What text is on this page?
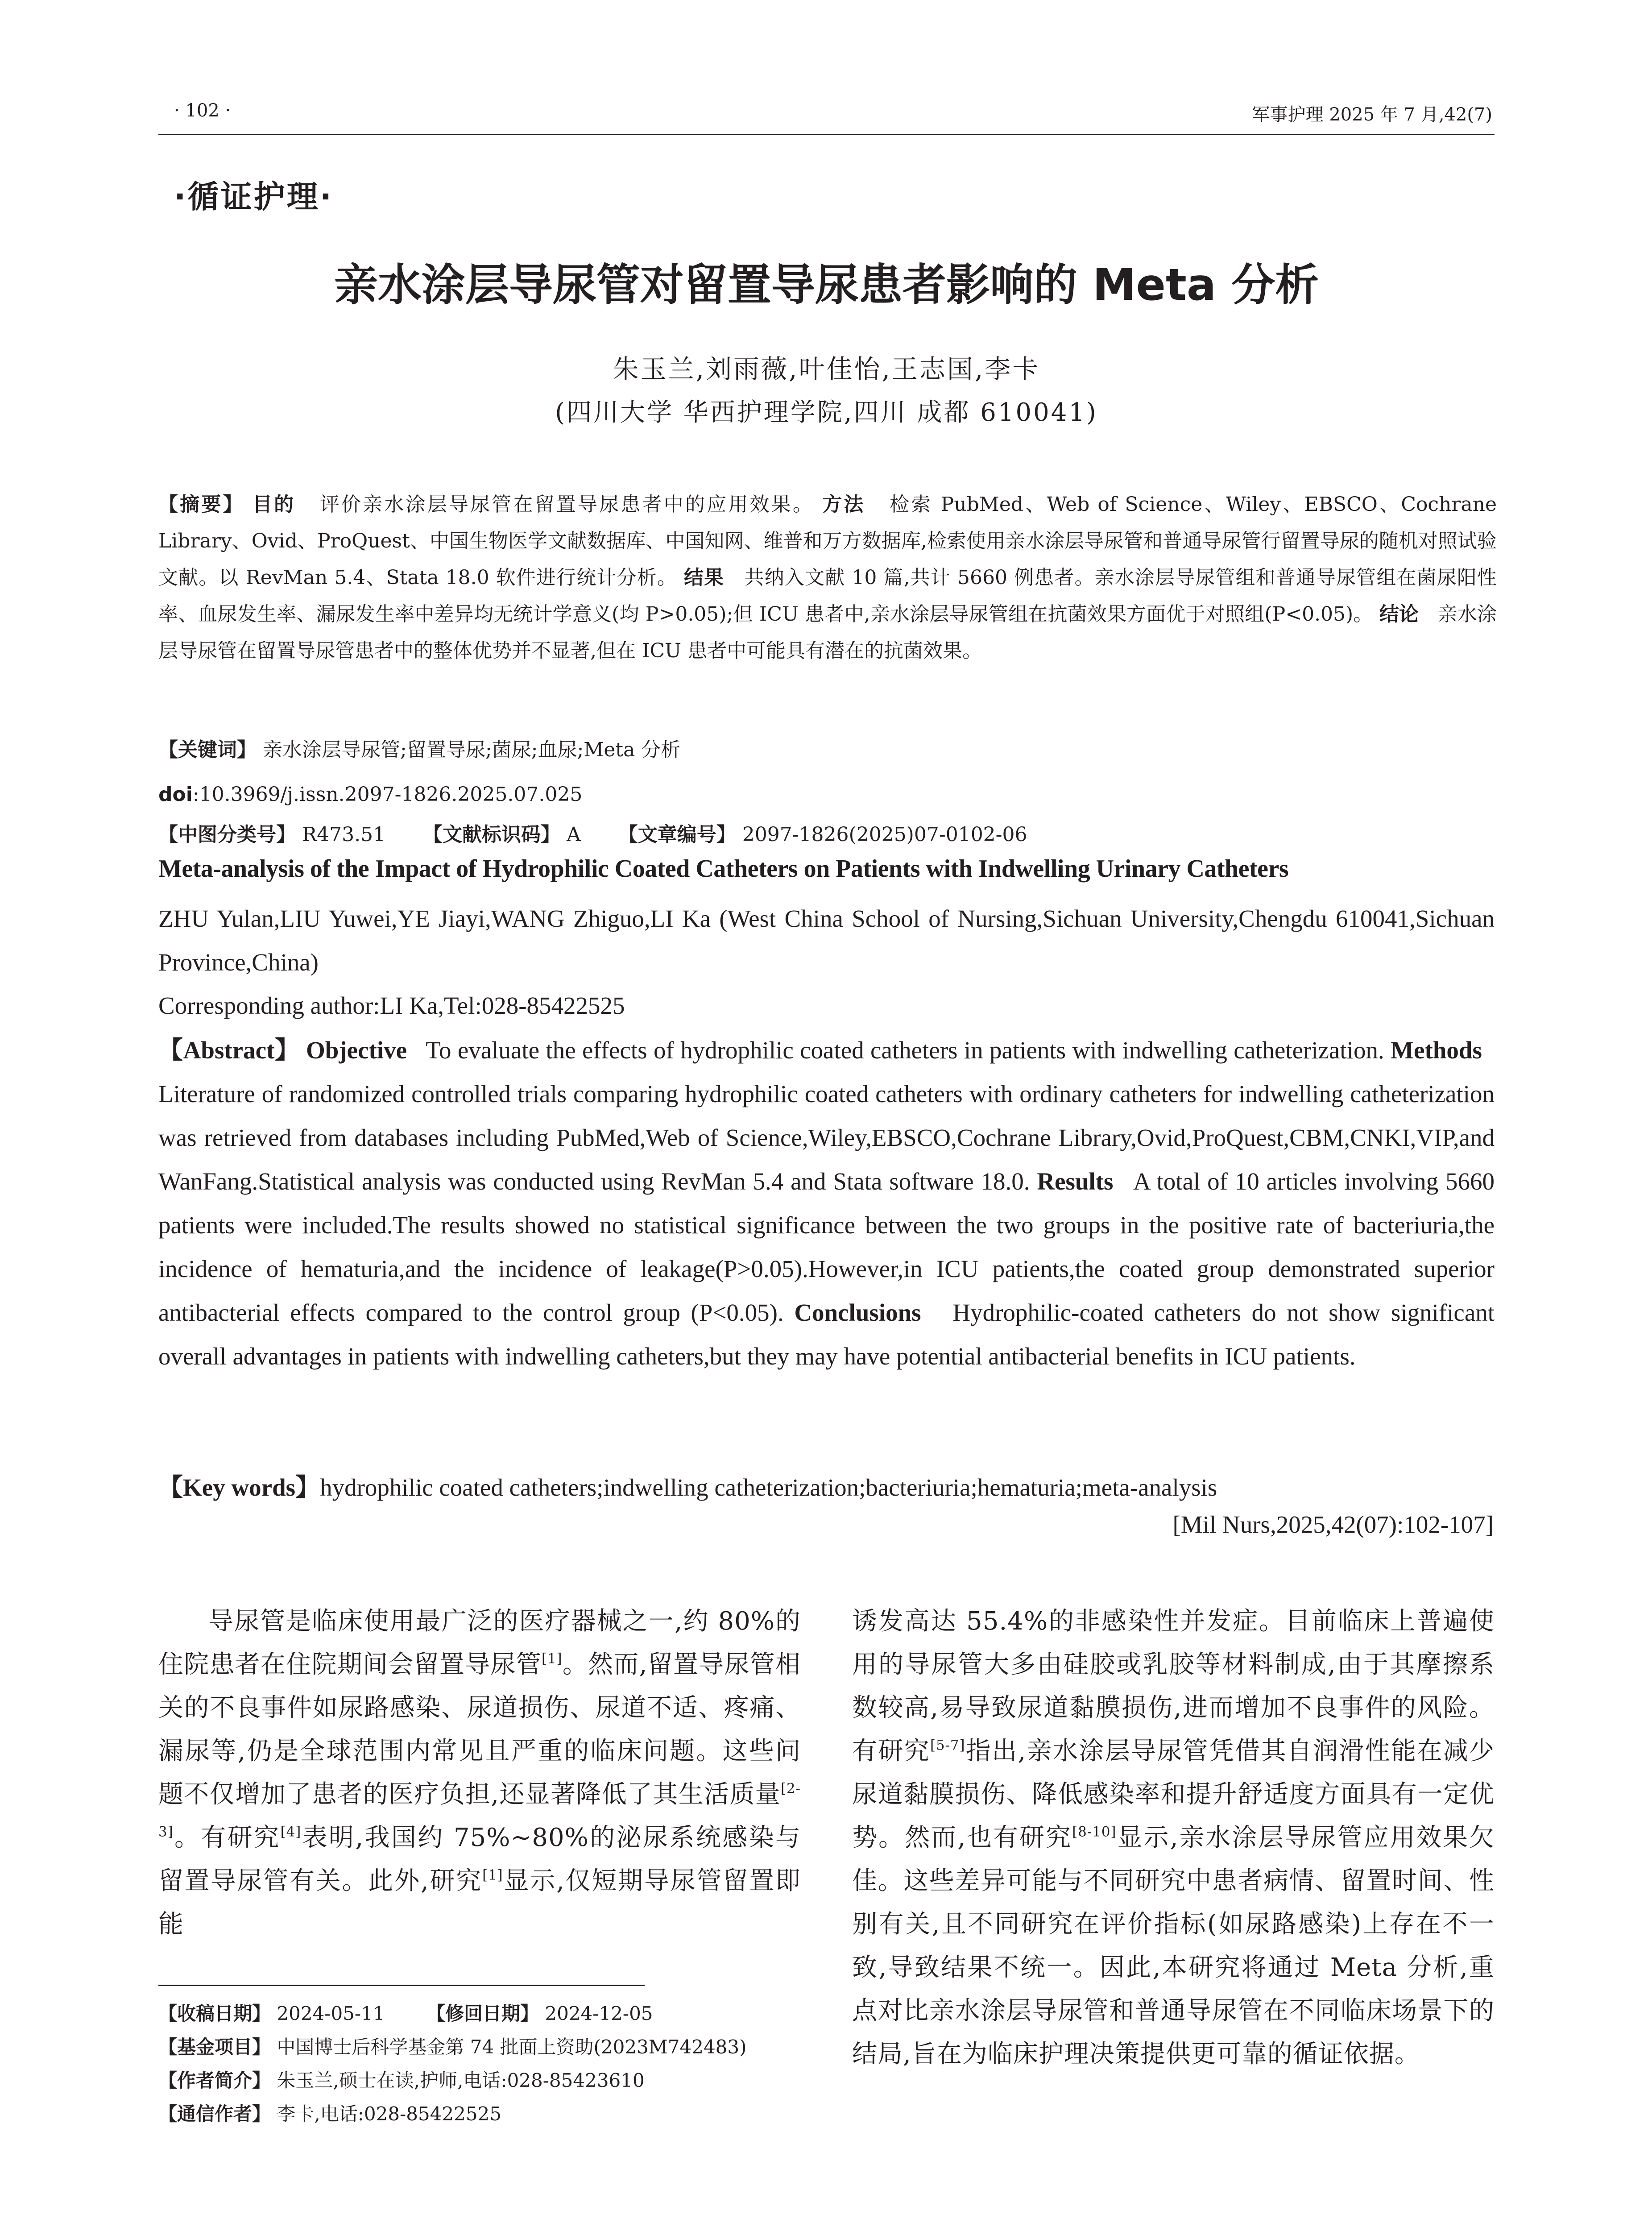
· 102 ·	军事护理 2025 年 7 月,42(7)
·循证护理·
亲水涂层导尿管对留置导尿患者影响的 Meta 分析
朱玉兰,刘雨薇,叶佳怡,王志国,李卡
(四川大学 华西护理学院,四川 成都 610041)
【摘要】 目的 评价亲水涂层导尿管在留置导尿患者中的应用效果。 方法 检索 PubMed、Web of Science、Wiley、EBSCO、Cochrane Library、Ovid、ProQuest、中国生物医学文献数据库、中国知网、维普和万方数据库,检索使用亲水涂层导尿管和普通导尿管行留置导尿的随机对照试验文献。以 RevMan 5.4、Stata 18.0 软件进行统计分析。 结果 共纳入文献 10 篇,共计 5660 例患者。亲水涂层导尿管组和普通导尿管组在菌尿阳性率、血尿发生率、漏尿发生率中差异均无统计学意义(均 P>0.05);但 ICU 患者中,亲水涂层导尿管组在抗菌效果方面优于对照组(P<0.05)。 结论 亲水涂层导尿管在留置导尿管患者中的整体优势并不显著,但在 ICU 患者中可能具有潜在的抗菌效果。
【关键词】 亲水涂层导尿管;留置导尿;菌尿;血尿;Meta 分析
doi:10.3969/j.issn.2097-1826.2025.07.025
【中图分类号】 R473.51 【文献标识码】 A 【文章编号】 2097-1826(2025)07-0102-06
Meta-analysis of the Impact of Hydrophilic Coated Catheters on Patients with Indwelling Urinary Catheters
ZHU Yulan,LIU Yuwei,YE Jiayi,WANG Zhiguo,LI Ka (West China School of Nursing,Sichuan University,Chengdu 610041,Sichuan Province,China)
Corresponding author:LI Ka,Tel:028-85422525
【Abstract】 Objective To evaluate the effects of hydrophilic coated catheters in patients with indwelling catheterization. Methods   Literature of randomized controlled trials comparing hydrophilic coated catheters with ordinary catheters for indwelling catheterization was retrieved from databases including PubMed,Web of Science,Wiley,EBSCO,Cochrane Library,Ovid,ProQuest,CBM,CNKI,VIP,and WanFang.Statistical analysis was conducted using RevMan 5.4 and Stata software 18.0. Results A total of 10 articles involving 5660 patients were included.The results showed no statistical significance between the two groups in the positive rate of bacteriuria,the incidence of hematuria,and the incidence of leakage(P>0.05).However,in ICU patients,the coated group demonstrated superior antibacterial effects compared to the control group (P<0.05). Conclusions Hydrophilic-coated catheters do not show significant overall advantages in patients with indwelling catheters,but they may have potential antibacterial benefits in ICU patients.
【Key words】hydrophilic coated catheters;indwelling catheterization;bacteriuria;hematuria;meta-analysis
[Mil Nurs,2025,42(07):102-107]
导尿管是临床使用最广泛的医疗器械之一,约 80%的住院患者在住院期间会留置导尿管[1]。然而,留置导尿管相关的不良事件如尿路感染、尿道损伤、尿道不适、疼痛、漏尿等,仍是全球范围内常见且严重的临床问题。这些问题不仅增加了患者的医疗负担,还显著降低了其生活质量[2-3]。有研究[4]表明,我国约 75%~80%的泌尿系统感染与留置导尿管有关。此外,研究[1]显示,仅短期导尿管留置即能
诱发高达 55.4%的非感染性并发症。目前临床上普遍使用的导尿管大多由硅胶或乳胶等材料制成,由于其摩擦系数较高,易导致尿道黏膜损伤,进而增加不良事件的风险。有研究[5-7]指出,亲水涂层导尿管凭借其自润滑性能在减少尿道黏膜损伤、降低感染率和提升舒适度方面具有一定优势。然而,也有研究[8-10]显示,亲水涂层导尿管应用效果欠佳。这些差异可能与不同研究中患者病情、留置时间、性别有关,且不同研究在评价指标(如尿路感染)上存在不一致,导致结果不统一。因此,本研究将通过 Meta 分析,重点对比亲水涂层导尿管和普通导尿管在不同临床场景下的结局,旨在为临床护理决策提供更可靠的循证依据。
【收稿日期】 2024-05-11 【修回日期】 2024-12-05
【基金项目】 中国博士后科学基金第 74 批面上资助(2023M742483)
【作者简介】 朱玉兰,硕士在读,护师,电话:028-85423610
【通信作者】 李卡,电话:028-85422525
